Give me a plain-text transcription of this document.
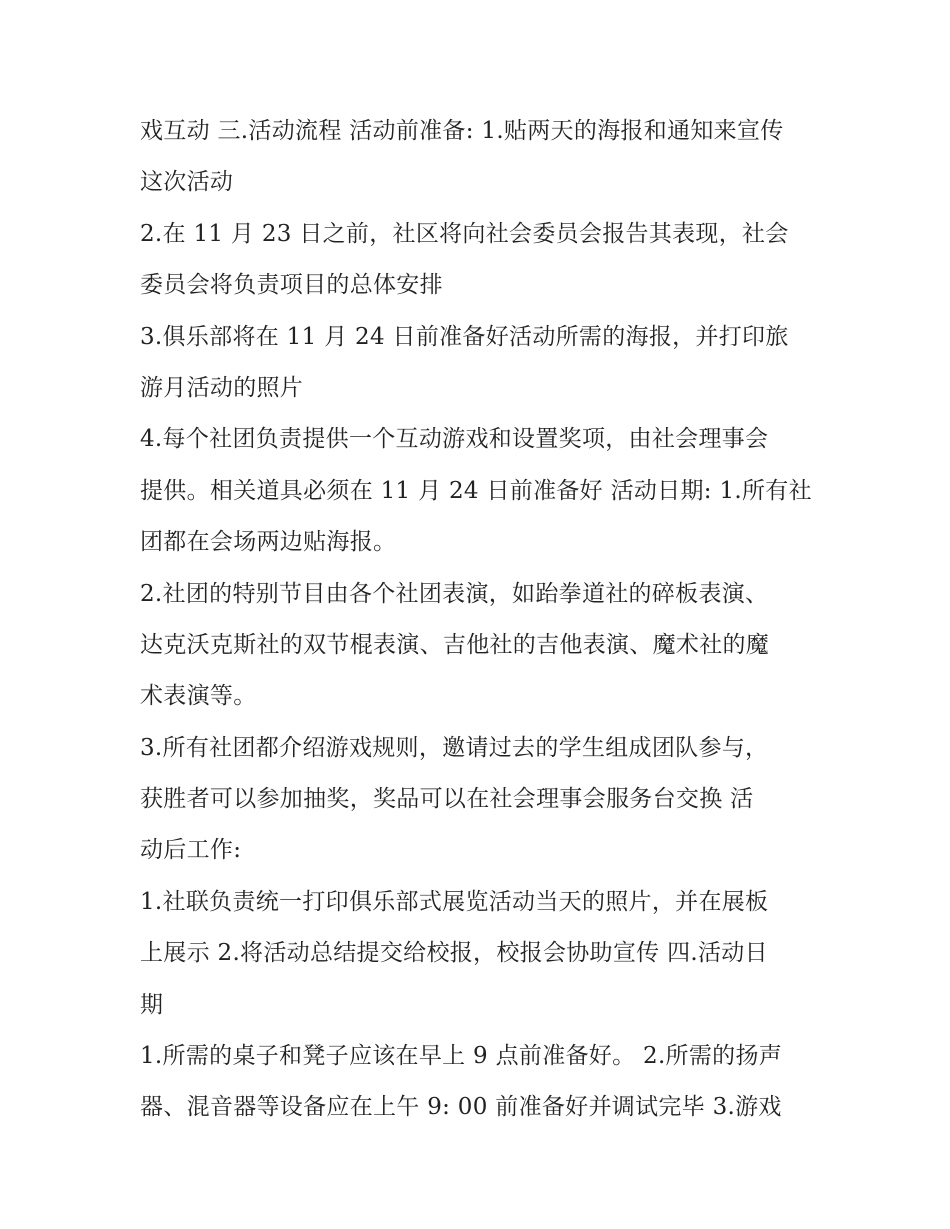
戏互动 三.活动流程 活动前准备: 1.贴两天的海报和通知来宣传
这次活动
2.在 11 月 23 日之前，社区将向社会委员会报告其表现，社会
委员会将负责项目的总体安排
3.俱乐部将在 11 月 24 日前准备好活动所需的海报，并打印旅
游月活动的照片
4.每个社团负责提供一个互动游戏和设置奖项，由社会理事会
提供。相关道具必须在 11 月 24 日前准备好 活动日期: 1.所有社
团都在会场两边贴海报。
2.社团的特别节目由各个社团表演，如跆拳道社的碎板表演、
达克沃克斯社的双节棍表演、吉他社的吉他表演、魔术社的魔
术表演等。
3.所有社团都介绍游戏规则，邀请过去的学生组成团队参与，
获胜者可以参加抽奖，奖品可以在社会理事会服务台交换 活
动后工作:
1.社联负责统一打印俱乐部式展览活动当天的照片，并在展板
上展示 2.将活动总结提交给校报，校报会协助宣传 四.活动日
期
1.所需的桌子和凳子应该在早上 9 点前准备好。 2.所需的扬声
器、混音器等设备应在上午 9: 00 前准备好并调试完毕 3.游戏
